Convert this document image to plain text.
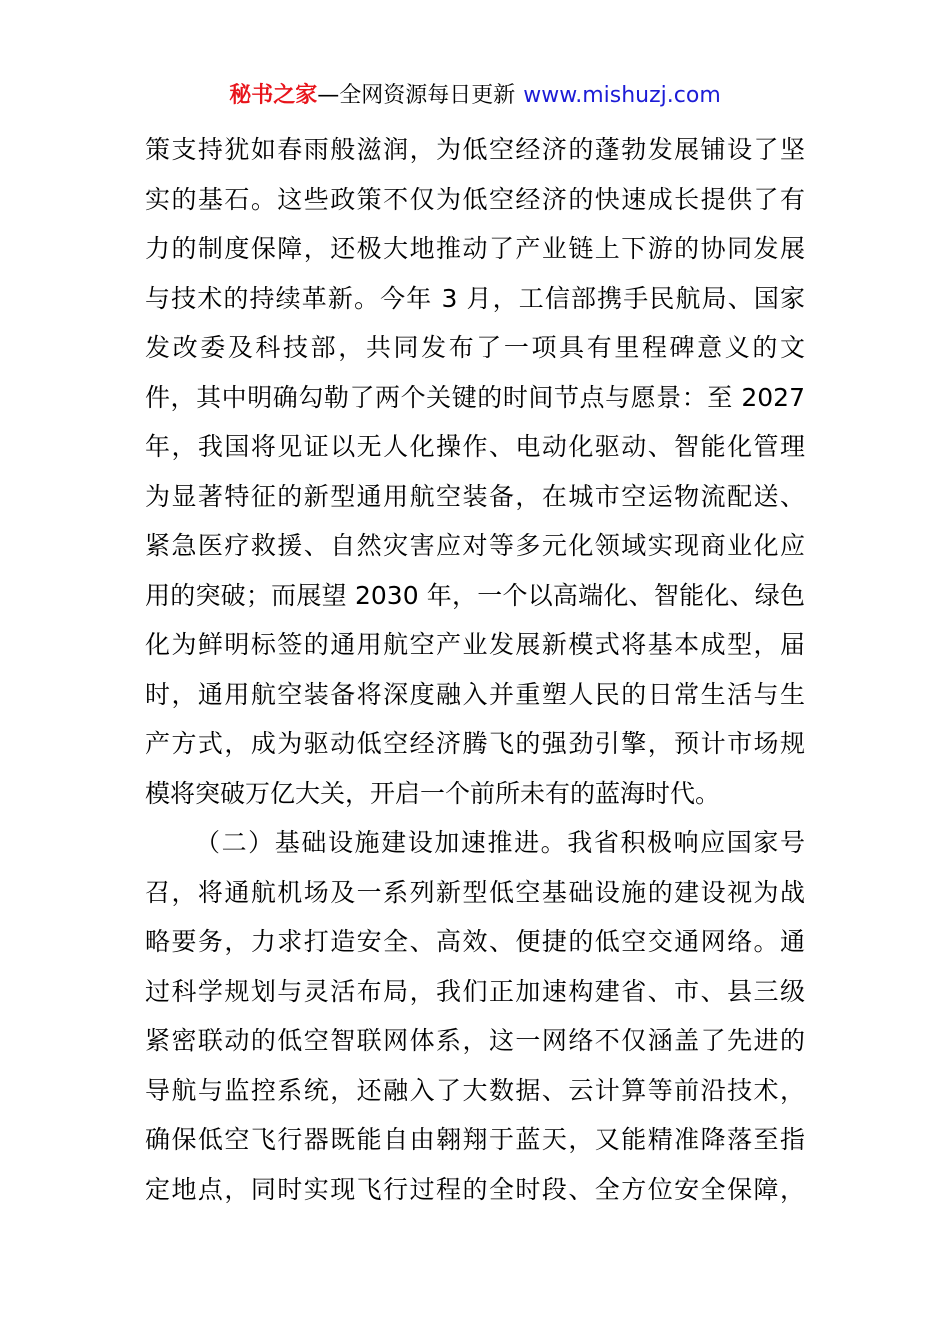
秘书之家—全网资源每日更新 www.mishuzj.com
策支持犹如春雨般滋润，为低空经济的蓬勃发展铺设了坚
实的基石。这些政策不仅为低空经济的快速成长提供了有
力的制度保障，还极大地推动了产业链上下游的协同发展
与技术的持续革新。今年 3 月，工信部携手民航局、国家
发改委及科技部，共同发布了一项具有里程碑意义的文
件，其中明确勾勒了两个关键的时间节点与愿景：至 2027
年，我国将见证以无人化操作、电动化驱动、智能化管理
为显著特征的新型通用航空装备，在城市空运物流配送、
紧急医疗救援、自然灾害应对等多元化领域实现商业化应
用的突破；而展望 2030 年，一个以高端化、智能化、绿色
化为鲜明标签的通用航空产业发展新模式将基本成型，届
时，通用航空装备将深度融入并重塑人民的日常生活与生
产方式，成为驱动低空经济腾飞的强劲引擎，预计市场规
模将突破万亿大关，开启一个前所未有的蓝海时代。
（二）基础设施建设加速推进。我省积极响应国家号
召，将通航机场及一系列新型低空基础设施的建设视为战
略要务，力求打造安全、高效、便捷的低空交通网络。通
过科学规划与灵活布局，我们正加速构建省、市、县三级
紧密联动的低空智联网体系，这一网络不仅涵盖了先进的
导航与监控系统，还融入了大数据、云计算等前沿技术，
确保低空飞行器既能自由翱翔于蓝天，又能精准降落至指
定地点，同时实现飞行过程的全时段、全方位安全保障，
